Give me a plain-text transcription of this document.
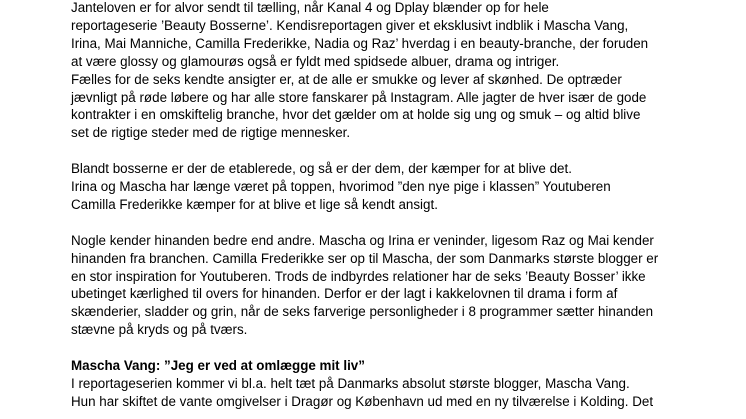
Janteloven er for alvor sendt til tælling, når Kanal 4 og Dplay blænder op for hele
reportageserie ’Beauty Bosserne’. Kendisreportagen giver et eksklusivt indblik i Mascha Vang,
Irina, Mai Manniche, Camilla Frederikke, Nadia og Raz’ hverdag i en beauty-branche, der foruden
at være glossy og glamourøs også er fyldt med spidsede albuer, drama og intriger.

Fælles for de seks kendte ansigter er, at de alle er smukke og lever af skønhed. De optræder
jævnligt på røde løbere og har alle store fanskarer på Instagram. Alle jagter de hver især de gode
kontrakter i en omskiftelig branche, hvor det gælder om at holde sig ung og smuk – og altid blive
set de rigtige steder med de rigtige mennesker.

Blandt bosserne er der de etablerede, og så er der dem, der kæmper for at blive det.
Irina og Mascha har længe været på toppen, hvorimod ”den nye pige i klassen” Youtuberen
Camilla Frederikke kæmper for at blive et lige så kendt ansigt.

Nogle kender hinanden bedre end andre. Mascha og Irina er veninder, ligesom Raz og Mai kender
hinanden fra branchen. Camilla Frederikke ser op til Mascha, der som Danmarks største blogger er
en stor inspiration for Youtuberen. Trods de indbyrdes relationer har de seks ’Beauty Bosser’ ikke
ubetinget kærlighed til overs for hinanden. Derfor er der lagt i kakkelovnen til drama i form af
skænderier, sladder og grin, når de seks farverige personligheder i 8 programmer sætter hinanden
stævne på kryds og på tværs.

Mascha Vang: ”Jeg er ved at omlægge mit liv”
I reportageserien kommer vi bl.a. helt tæt på Danmarks absolut største blogger, Mascha Vang.
Hun har skiftet de vante omgivelser i Dragør og København ud med en ny tilværelse i Kolding. Det
